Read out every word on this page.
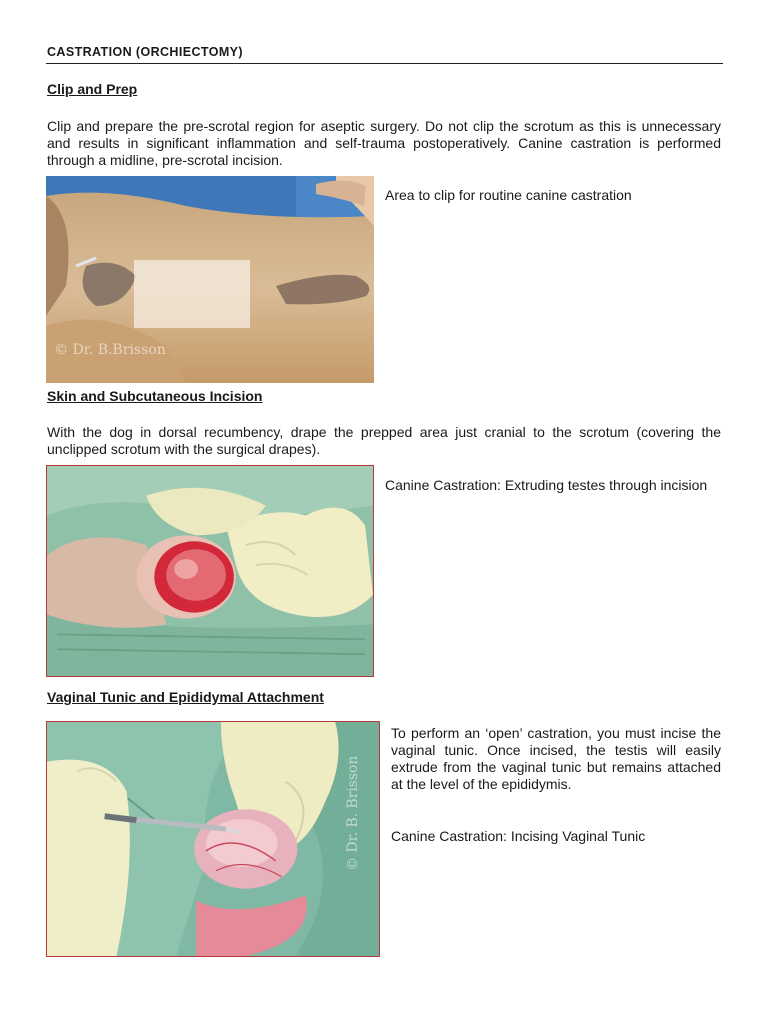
CASTRATION (ORCHIECTOMY)
Clip and Prep

Clip and prepare the pre-scrotal region for aseptic surgery. Do not clip the scrotum as this is unnecessary and results in significant inflammation and self-trauma postoperatively. Canine castration is performed through a midline, pre-scrotal incision.

© Dr. B.Brisson

Area to clip for routine canine castration

Skin and Subcutaneous Incision

With the dog in dorsal recumbency, drape the prepped area just cranial to the scrotum (covering the unclipped scrotum with the surgical drapes).

Canine Castration: Extruding testes through incision

Vaginal Tunic and Epididymal Attachment
© Dr. B. Brisson

To perform an ‘open’ castration, you must incise the vaginal tunic. Once incised, the testis will easily extrude from the vaginal tunic but remains attached at the level of the epididymis.

Canine Castration: Incising Vaginal Tunic
